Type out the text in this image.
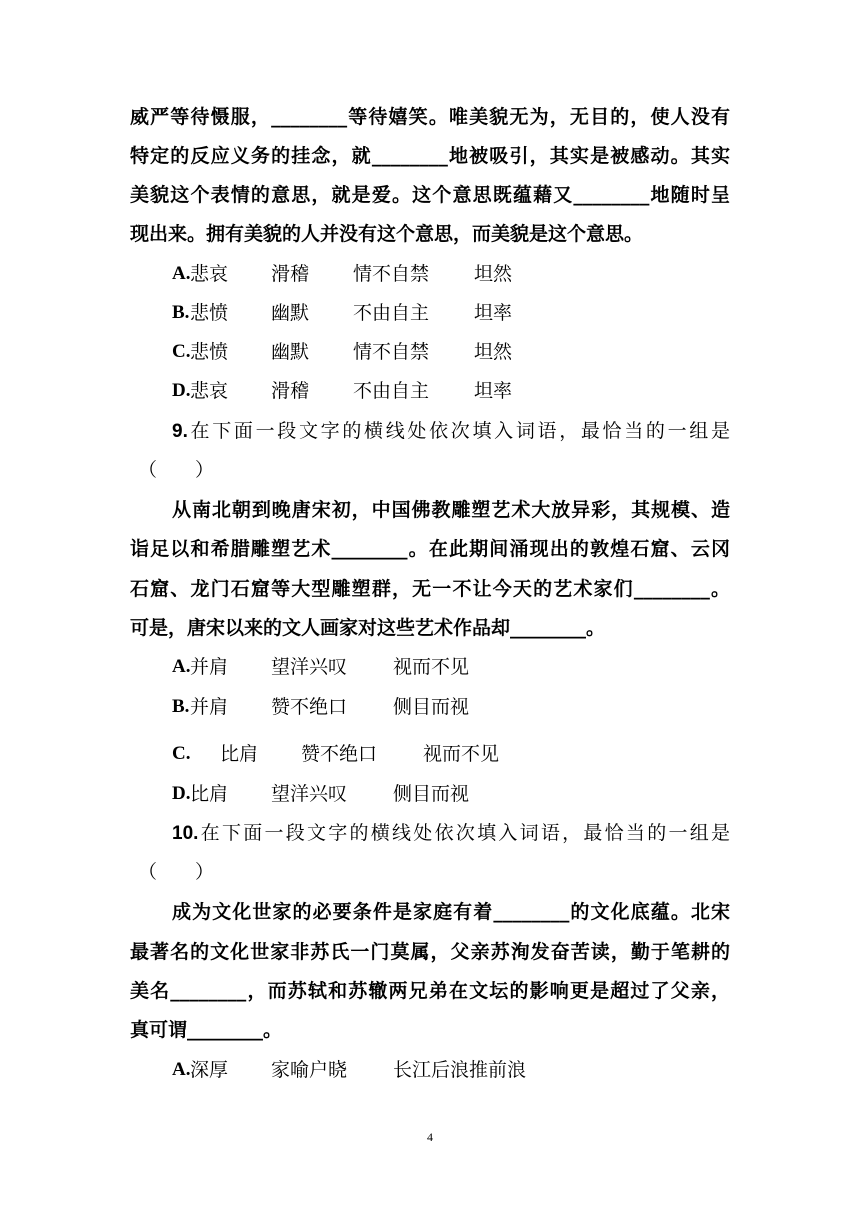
威严等待慑服，________等待嬉笑。唯美貌无为，无目的，使人没有
特定的反应义务的挂念，就________地被吸引，其实是被感动。其实
美貌这个表情的意思，就是爱。这个意思既蕴藉又________地随时呈
现出来。拥有美貌的人并没有这个意思，而美貌是这个意思。
A. 悲哀 滑稽 情不自禁 坦然
B. 悲愤 幽默 不由自主 坦率
C. 悲愤 幽默 情不自禁 坦然
D. 悲哀 滑稽 不由自主 坦率
9.在下面一段文字的横线处依次填入词语，最恰当的一组是
（　　）
从南北朝到晚唐宋初，中国佛教雕塑艺术大放异彩，其规模、造
诣足以和希腊雕塑艺术________。在此期间涌现出的敦煌石窟、云冈
石窟、龙门石窟等大型雕塑群，无一不让今天的艺术家们________。
可是，唐宋以来的文人画家对这些艺术作品却________。
A. 并肩 望洋兴叹 视而不见
B. 并肩 赞不绝口 侧目而视
C. 比肩 赞不绝口 视而不见
D. 比肩 望洋兴叹 侧目而视
10.在下面一段文字的横线处依次填入词语，最恰当的一组是
（　　）
成为文化世家的必要条件是家庭有着________的文化底蕴。北宋
最著名的文化世家非苏氏一门莫属，父亲苏洵发奋苦读，勤于笔耕的
美名________，而苏轼和苏辙两兄弟在文坛的影响更是超过了父亲，
真可谓________。
A. 深厚 家喻户晓 长江后浪推前浪
4
